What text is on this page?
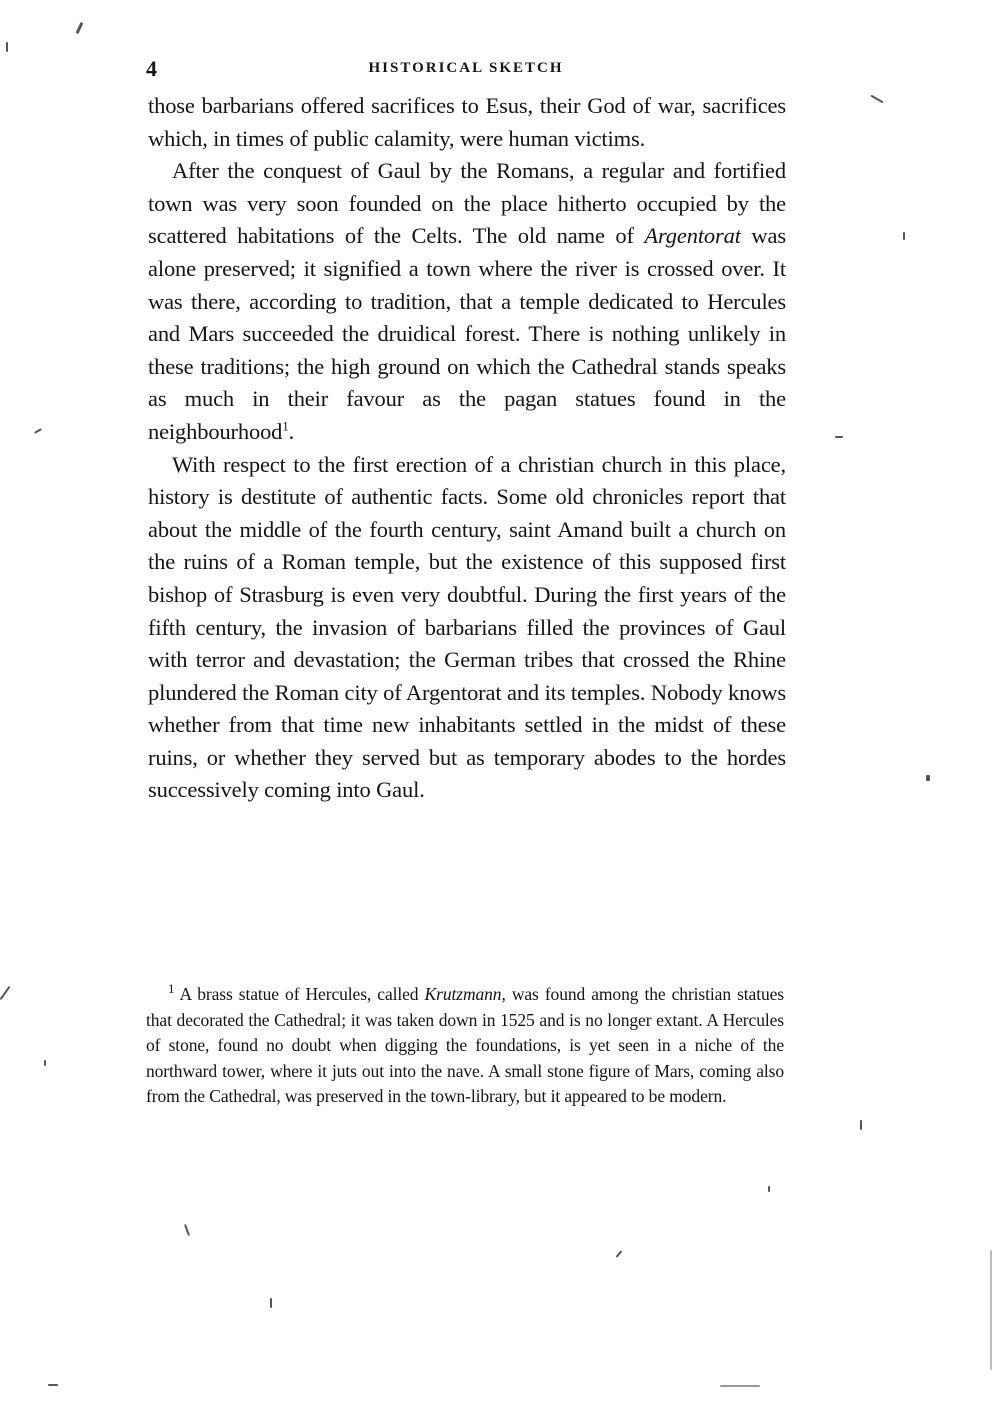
4	HISTORICAL SKETCH

those barbarians offered sacrifices to Esus, their God of war, sacrifices which, in times of public calamity, were human victims.

After the conquest of Gaul by the Romans, a regular and fortified town was very soon founded on the place hitherto occupied by the scattered habitations of the Celts. The old name of Argentorat was alone preserved; it signified a town where the river is crossed over. It was there, according to tradition, that a temple dedicated to Hercules and Mars succeeded the druidical forest. There is nothing unlikely in these traditions; the high ground on which the Cathedral stands speaks as much in their favour as the pagan statues found in the neighbourhood$^1$.

With respect to the first erection of a christian church in this place, history is destitute of authentic facts. Some old chronicles report that about the middle of the fourth century, saint Amand built a church on the ruins of a Roman temple, but the existence of this supposed first bishop of Strasburg is even very doubtful. During the first years of the fifth century, the invasion of barbarians filled the provinces of Gaul with terror and devastation; the German tribes that crossed the Rhine plundered the Roman city of Argentorat and its temples. Nobody knows whether from that time new inhabitants settled in the midst of these ruins, or whether they served but as temporary abodes to the hordes successively coming into Gaul.

$^1$ A brass statue of Hercules, called Krutzmann, was found among the christian statues that decorated the Cathedral; it was taken down in 1525 and is no longer extant. A Hercules of stone, found no doubt when digging the foundations, is yet seen in a niche of the northward tower, where it juts out into the nave. A small stone figure of Mars, coming also from the Cathedral, was preserved in the town-library, but it appeared to be modern.
